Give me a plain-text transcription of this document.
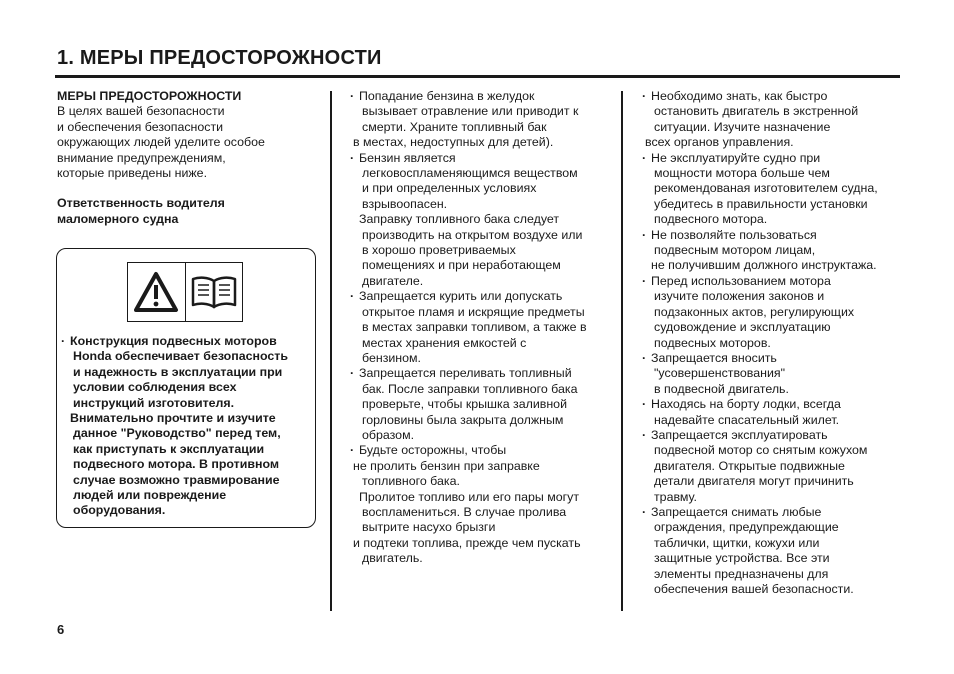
1. МЕРЫ ПРЕДОСТОРОЖНОСТИ
МЕРЫ ПРЕДОСТОРОЖНОСТИ
В целях вашей безопасности
и обеспечения безопасности
окружающих людей уделите особое
внимание предупреждениям,
которые приведены ниже.
Ответственность водителя
маломерного судна
· Конструкция подвесных моторов
Honda обеспечивает безопасность
и надежность в эксплуатации при
условии соблюдения всех
инструкций изготовителя.
Внимательно прочтите и изучите
данное "Руководство" перед тем,
как приступать к эксплуатации
подвесного мотора. В противном
случае возможно травмирование
людей или повреждение
оборудования.
· Попадание бензина в желудок
вызывает отравление или приводит к
смерти. Храните топливный бак
в местах, недоступных для детей).
· Бензин является
легковоспламеняющимся веществом
и при определенных условиях
взрывоопасен.
Заправку топливного бака следует
производить на открытом воздухе или
в хорошо проветриваемых
помещениях и при неработающем
двигателе.
· Запрещается курить или допускать
открытое пламя и искрящие предметы
в местах заправки топливом, а также в
местах хранения емкостей с
бензином.
· Запрещается переливать топливный
бак. После заправки топливного бака
проверьте, чтобы крышка заливной
горловины была закрыта должным
образом.
· Будьте осторожны, чтобы
не пролить бензин при заправке
топливного бака.
Пролитое топливо или его пары могут
воспламениться. В случае пролива
вытрите насухо брызги
и подтеки топлива, прежде чем пускать
двигатель.
· Необходимо знать, как быстро
остановить двигатель в экстренной
ситуации. Изучите назначение
всех органов управления.
· Не эксплуатируйте судно при
мощности мотора больше чем
рекомендованая изготовителем судна,
убедитесь в правильности установки
подвесного мотора.
· Не позволяйте пользоваться
подвесным мотором лицам,
не получившим должного инструктажа.
· Перед использованием мотора
изучите положения законов и
подзаконных актов, регулирующих
судовождение и эксплуатацию
подвесных моторов.
· Запрещается вносить
"усовершенствования"
в подвесной двигатель.
· Находясь на борту лодки, всегда
надевайте спасательный жилет.
· Запрещается эксплуатировать
подвесной мотор со снятым кожухом
двигателя. Открытые подвижные
детали двигателя могут причинить
травму.
· Запрещается снимать любые
ограждения, предупреждающие
таблички, щитки, кожухи или
защитные устройства. Все эти
элементы предназначены для
обеспечения вашей безопасности.
6
